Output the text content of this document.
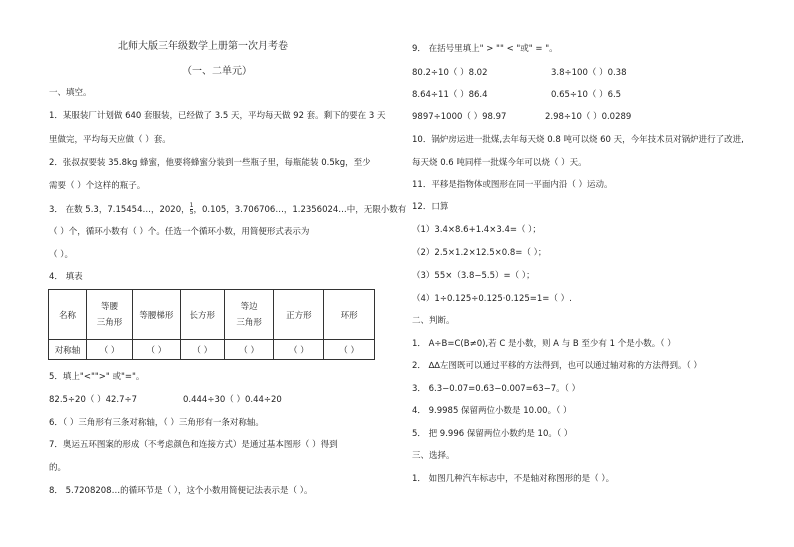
北师大版三年级数学上册第一次月考卷
（一、二单元）
一、填空。
1．某服装厂计划做 640 套服装，已经做了 3.5 天，平均每天做 92 套。剩下的要在 3 天
里做完，平均每天应做（ ）套。
2．张叔叔要装 35.8kg 蜂蜜，他要将蜂蜜分装到一些瓶子里，每瓶能装 0.5kg，至少
需要（ ）个这样的瓶子。
3． 在数 5.3，7.15454…，2020， $\frac{1}{5}$ ，0.105，3.706706…，1.2356024…中，无限小数有
（ ）个，循环小数有（ ）个。任选一个循环小数，用简便形式表示为
（ ）。
4． 填表
名称	等腰
三角形	等腰梯形	长方形	等边
三角形	正方形	环形
对称轴	（ ）	（ ）	（ ）	（ ）	（ ）	（ ）
5．填上"<"">" 或"="。
82.5÷20（ ）42.7÷7	0.444÷30（ ）0.44÷20
6．（ ）三角形有三条对称轴，（ ）三角形有一条对称轴。
7．奥运五环图案的形成（不考虑颜色和连接方式）是通过基本图形（ ）得到
的。
8． 5.7208208…的循环节是（ ），这个小数用简便记法表示是（ ）。
9． 在括号里填上" > "" < "或" = "。
80.2÷10（ ）8.02	3.8÷100（ ）0.38
8.64÷11（ ）86.4	0.65÷10（ ）6.5
9897÷1000（ ）98.97	2.98÷10（ ）0.0289
10．锅炉房运进一批煤,去年每天烧 0.8 吨可以烧 60 天，今年技术员对锅炉进行了改进,
每天烧 0.6 吨同样一批煤今年可以烧（ ）天。
11．平移是指物体或图形在同一平面内沿（ ）运动。
12．口算
（1）3.4×8.6+1.4×3.4=（ ）；
（2）2.5×1.2×12.5×0.8=（ ）；
（3）55×（3.8−5.5）=（ ）；
（4）1÷0.125÷0.125·0.125=1=（ ）.
二、判断。
1． A÷B=C(B≠0),若 C 是小数，则 A 与 B 至少有 1 个是小数。（ ）
2． ∆∆左图既可以通过平移的方法得到，也可以通过轴对称的方法得到。（ ）
3． 6.3−0.07=0.63−0.007=63−7。（ ）
4． 9.9985 保留两位小数是 10.00。（ ）
5． 把 9.996 保留两位小数约是 10。（ ）
三、选择。
1． 如图几种汽车标志中，不是轴对称图形的是（ ）。
